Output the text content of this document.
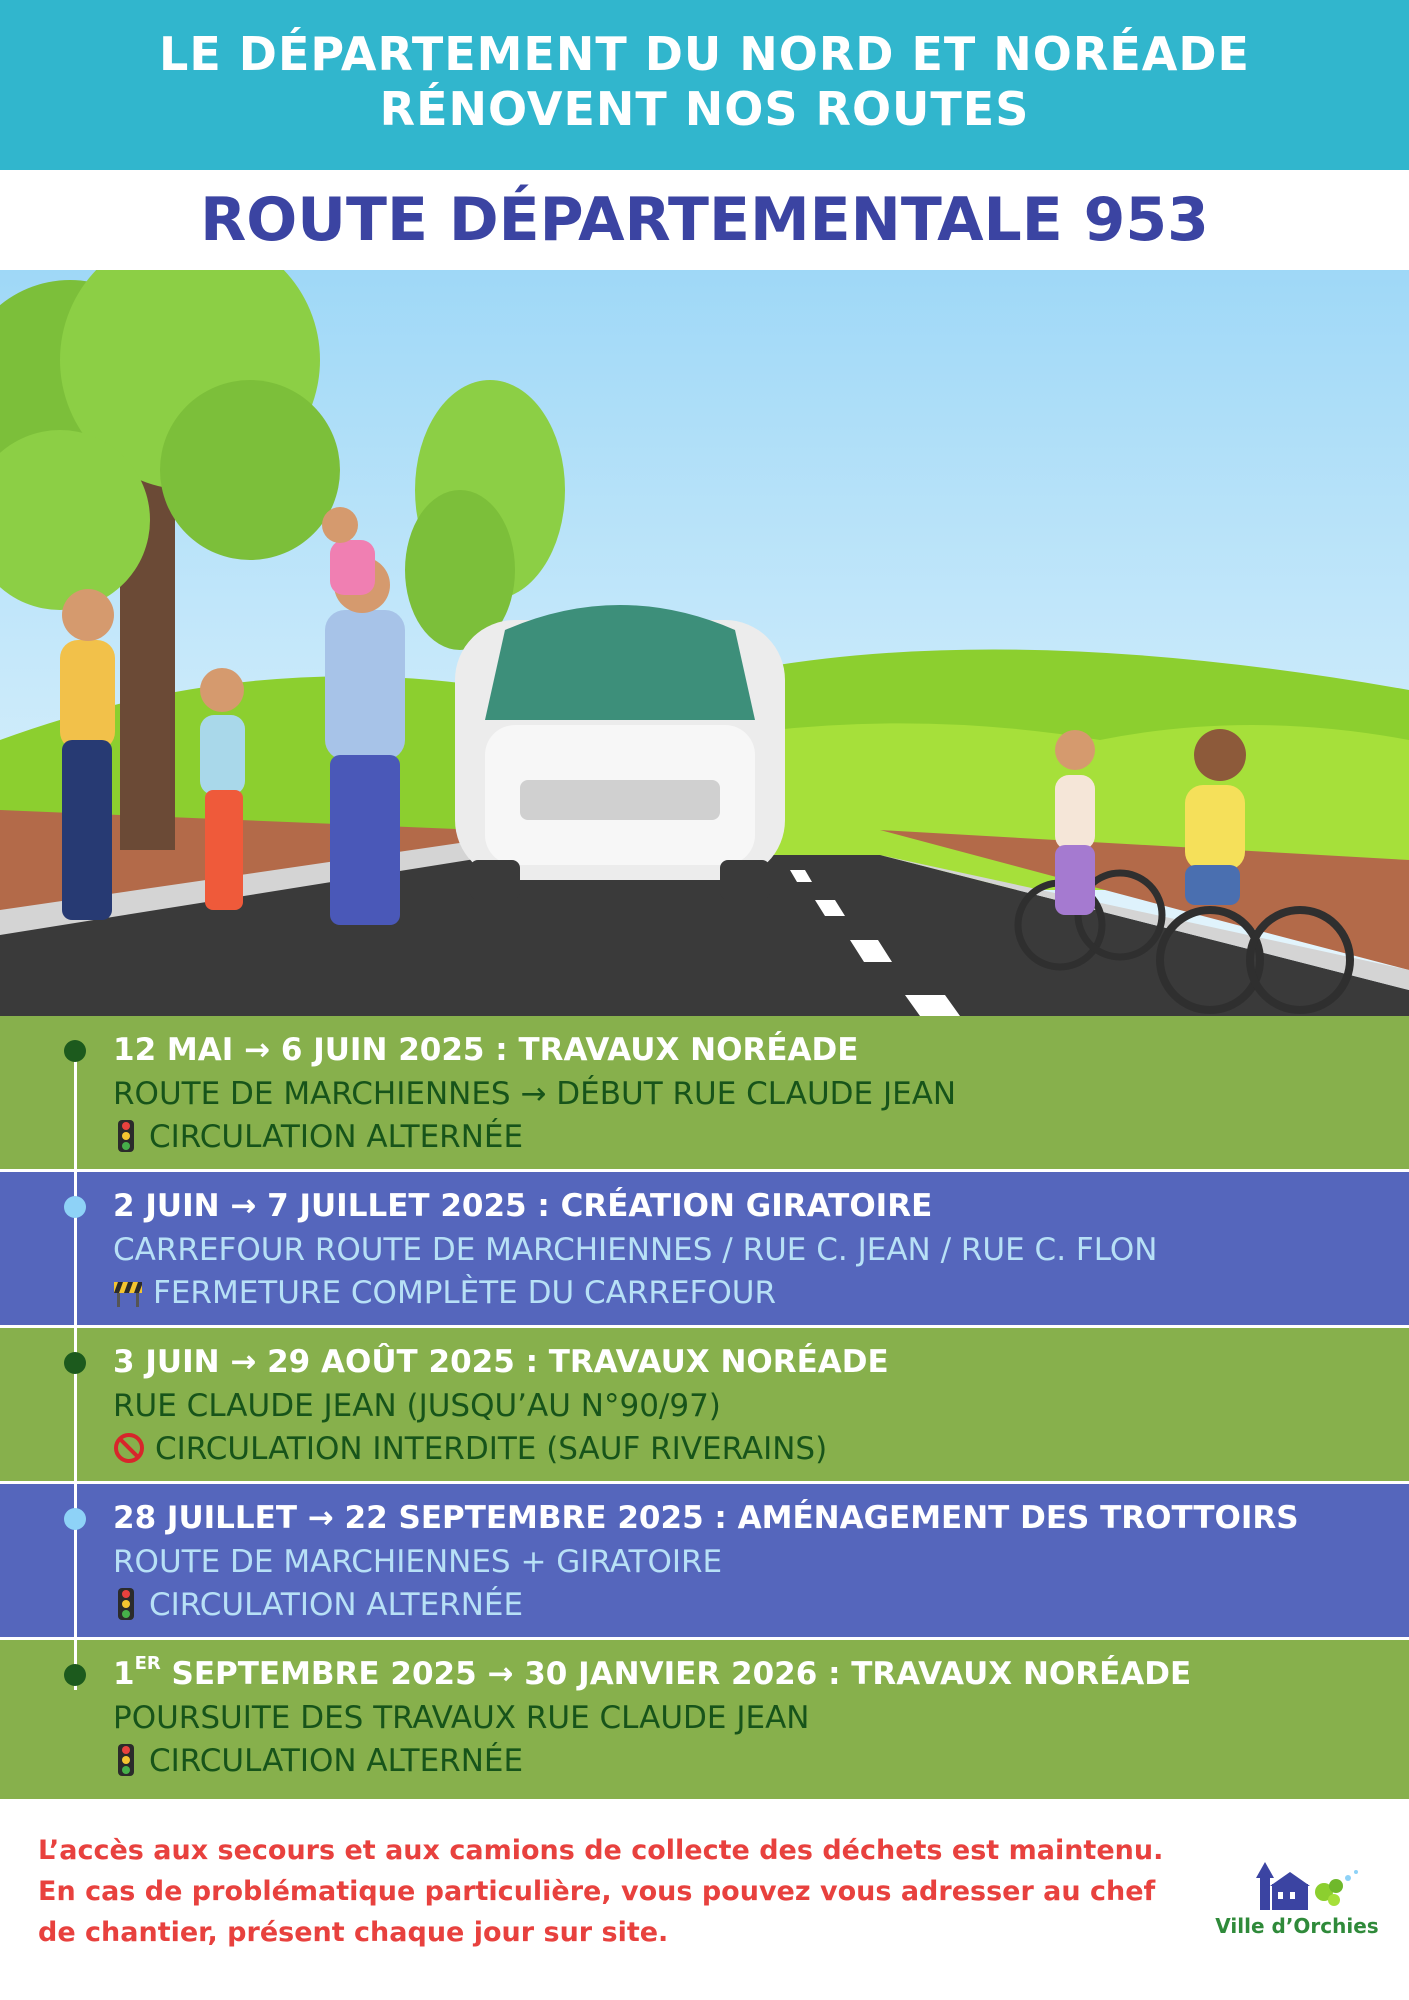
LE DÉPARTEMENT DU NORD ET NORÉADE
RÉNOVENT NOS ROUTES
ROUTE DÉPARTEMENTALE 953
12 MAI → 6 JUIN 2025 : TRAVAUX NORÉADE
ROUTE DE MARCHIENNES → DÉBUT RUE CLAUDE JEAN
CIRCULATION ALTERNÉE
2 JUIN → 7 JUILLET 2025 : CRÉATION GIRATOIRE
CARREFOUR ROUTE DE MARCHIENNES / RUE C. JEAN / RUE C. FLON
FERMETURE COMPLÈTE DU CARREFOUR
3 JUIN → 29 AOÛT 2025 : TRAVAUX NORÉADE
RUE CLAUDE JEAN (JUSQU’AU N°90/97)
CIRCULATION INTERDITE (SAUF RIVERAINS)
28 JUILLET → 22 SEPTEMBRE 2025 : AMÉNAGEMENT DES TROTTOIRS
ROUTE DE MARCHIENNES + GIRATOIRE
CIRCULATION ALTERNÉE
1ER SEPTEMBRE 2025 → 30 JANVIER 2026 : TRAVAUX NORÉADE
POURSUITE DES TRAVAUX RUE CLAUDE JEAN
CIRCULATION ALTERNÉE
L’accès aux secours et aux camions de collecte des déchets est maintenu.
En cas de problématique particulière, vous pouvez vous adresser au chef
de chantier, présent chaque jour sur site.	Ville d’Orchies
